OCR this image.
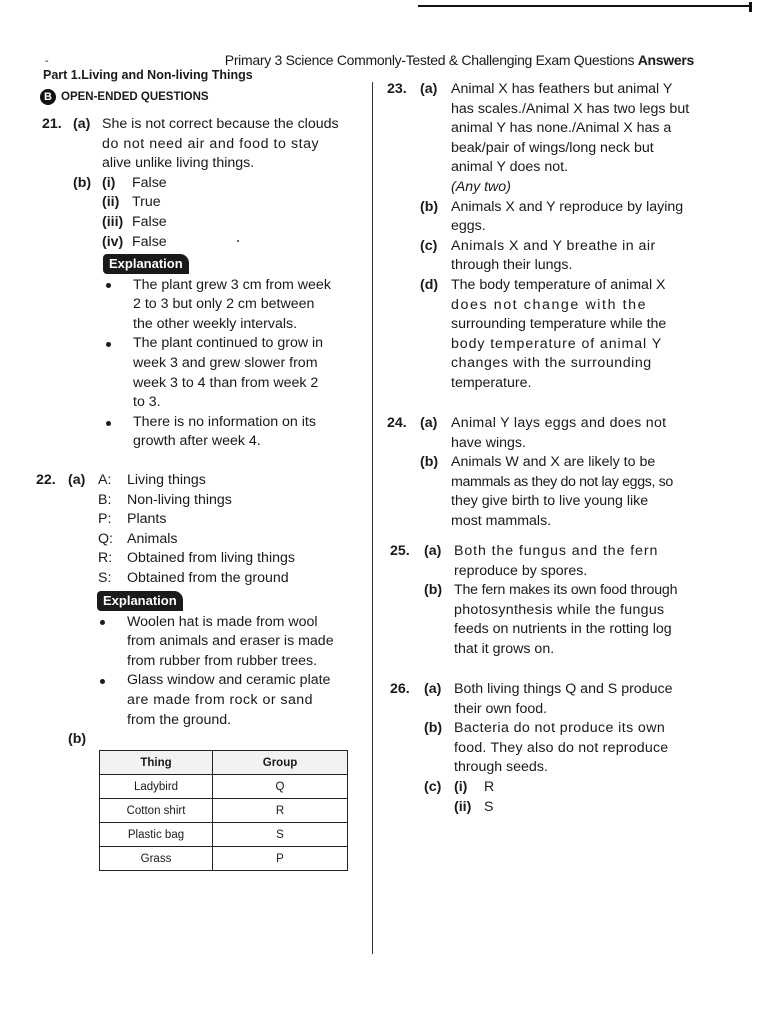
-	Primary 3 Science Commonly-Tested & Challenging Exam Questions Answers
Part 1.Living and Non-living Things
B OPEN-ENDED QUESTIONS
21. (a) She is not correct because the clouds
do not need air and food to stay
alive unlike living things.
(b) (i) False
(ii) True
(iii) False
(iv) False
Explanation
The plant grew 3 cm from week
2 to 3 but only 2 cm between
the other weekly intervals.
The plant continued to grow in
week 3 and grew slower from
week 3 to 4 than from week 2
to 3.
There is no information on its
growth after week 4.
22. (a) A: Living things
B: Non-living things
P: Plants
Q: Animals
R: Obtained from living things
S: Obtained from the ground
Explanation
Woolen hat is made from wool
from animals and eraser is made
from rubber from rubber trees.
Glass window and ceramic plate
are made from rock or sand
from the ground.
(b)
Thing	Group
Ladybird	Q
Cotton shirt	R
Plastic bag	S
Grass	P
23. (a) Animal X has feathers but animal Y
has scales./Animal X has two legs but
animal Y has none./Animal X has a
beak/pair of wings/long neck but
animal Y does not.
(Any two)
(b) Animals X and Y reproduce by laying
eggs.
(c) Animals X and Y breathe in air
through their lungs.
(d) The body temperature of animal X
does not change with the
surrounding temperature while the
body temperature of animal Y
changes with the surrounding
temperature.
24. (a) Animal Y lays eggs and does not
have wings.
(b) Animals W and X are likely to be
mammals as they do not lay eggs, so
they give birth to live young like
most mammals.
25. (a) Both the fungus and the fern
reproduce by spores.
(b) The fern makes its own food through
photosynthesis while the fungus
feeds on nutrients in the rotting log
that it grows on.
26. (a) Both living things Q and S produce
their own food.
(b) Bacteria do not produce its own
food. They also do not reproduce
through seeds.
(c) (i) R
(ii) S
